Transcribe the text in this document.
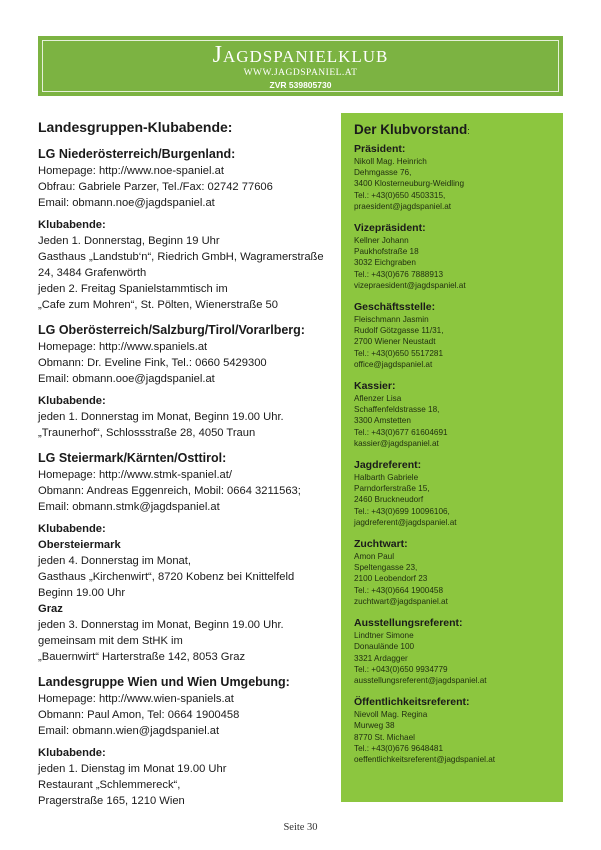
Jagdspanielklub
WWW.JAGDSPANIEL.AT
ZVR 539805730
Landesgruppen-Klubabende:
LG Niederösterreich/Burgenland:
Homepage: http://www.noe-spaniel.at
Obfrau: Gabriele Parzer, Tel./Fax: 02742 77606
Email: obmann.noe@jagdspaniel.at
Klubabende:
Jeden 1. Donnerstag, Beginn 19 Uhr
Gasthaus „Landstub‘n“, Riedrich GmbH, Wagramerstraße
24, 3484 Grafenwörth
jeden 2. Freitag Spanielstammtisch im
„Cafe zum Mohren“, St. Pölten, Wienerstraße 50
LG Oberösterreich/Salzburg/Tirol/Vorarlberg:
Homepage: http://www.spaniels.at
Obmann: Dr. Eveline Fink, Tel.: 0660 5429300
Email: obmann.ooe@jagdspaniel.at
Klubabende:
jeden 1. Donnerstag im Monat, Beginn 19.00 Uhr.
„Traunerhof“, Schlossstraße 28, 4050 Traun
LG Steiermark/Kärnten/Osttirol:
Homepage: http://www.stmk-spaniel.at/
Obmann: Andreas Eggenreich, Mobil: 0664 3211563;
Email: obmann.stmk@jagdspaniel.at
Klubabende:
Obersteiermark
jeden 4. Donnerstag im Monat,
Gasthaus „Kirchenwirt“, 8720 Kobenz bei Knittelfeld
Beginn 19.00 Uhr
Graz
jeden 3. Donnerstag im Monat, Beginn 19.00 Uhr.
gemeinsam mit dem StHK im
„Bauernwirt“ Harterstraße 142, 8053 Graz
Landesgruppe Wien und Wien Umgebung:
Homepage: http://www.wien-spaniels.at
Obmann: Paul Amon, Tel: 0664 1900458
Email: obmann.wien@jagdspaniel.at
Klubabende:
jeden 1. Dienstag im Monat 19.00 Uhr
Restaurant „Schlemmereck“,
Pragerstraße 165, 1210 Wien
Der Klubvorstand:
Präsident:
Nikoll Mag. Heinrich
Dehmgasse 76,
3400 Klosterneuburg-Weidling
Tel.: +43(0)650 4503315,
praesident@jagdspaniel.at
Vizepräsident:
Kellner Johann
Paukhofstraße 18
3032 Eichgraben
Tel.: +43(0)676 7888913
vizepraesident@jagdspaniel.at
Geschäftsstelle:
Fleischmann Jasmin
Rudolf Götzgasse 11/31,
2700 Wiener Neustadt
Tel.: +43(0)650 5517281
office@jagdspaniel.at
Kassier:
Aflenzer Lisa
Schaffenfeldstrasse 18,
3300 Amstetten
Tel.: +43(0)677 61604691
kassier@jagdspaniel.at
Jagdreferent:
Halbarth Gabriele
Parndorferstraße 15,
2460 Bruckneudorf
Tel.: +43(0)699 10096106,
jagdreferent@jagdspaniel.at
Zuchtwart:
Amon Paul
Speltengasse 23,
2100 Leobendorf 23
Tel.: +43(0)664 1900458
zuchtwart@jagdspaniel.at
Ausstellungsreferent:
Lindtner Simone
Donaulände 100
3321 Ardagger
Tel.: +043(0)650 9934779
ausstellungsreferent@jagdspaniel.at
Öffentlichkeitsreferent:
Nievoll Mag. Regina
Murweg 38
8770 St. Michael
Tel.: +43(0)676 9648481
oeffentlichkeitsreferent@jagdspaniel.at
Seite 30
